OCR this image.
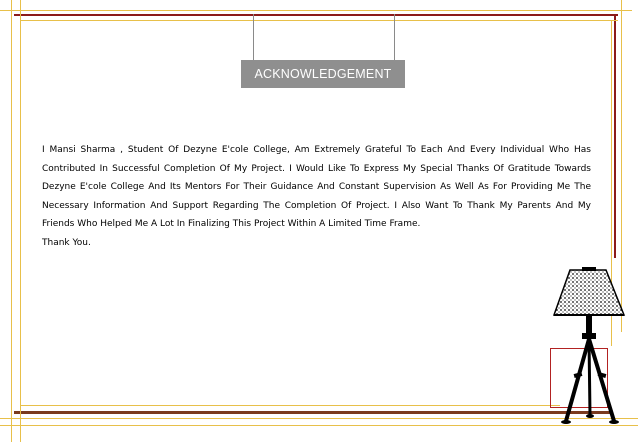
ACKNOWLEDGEMENT

I Mansi Sharma , Student Of Dezyne E'cole College, Am Extremely Grateful To Each And Every Individual Who Has Contributed In Successful Completion Of My Project. I Would Like To Express My Special Thanks Of Gratitude Towards Dezyne E'cole College And Its Mentors For Their Guidance And Constant Supervision As Well As For Providing Me The Necessary Information And Support Regarding The Completion Of Project. I Also Want To Thank My Parents And My Friends Who Helped Me A Lot In Finalizing This Project Within A Limited Time Frame.

Thank You.
